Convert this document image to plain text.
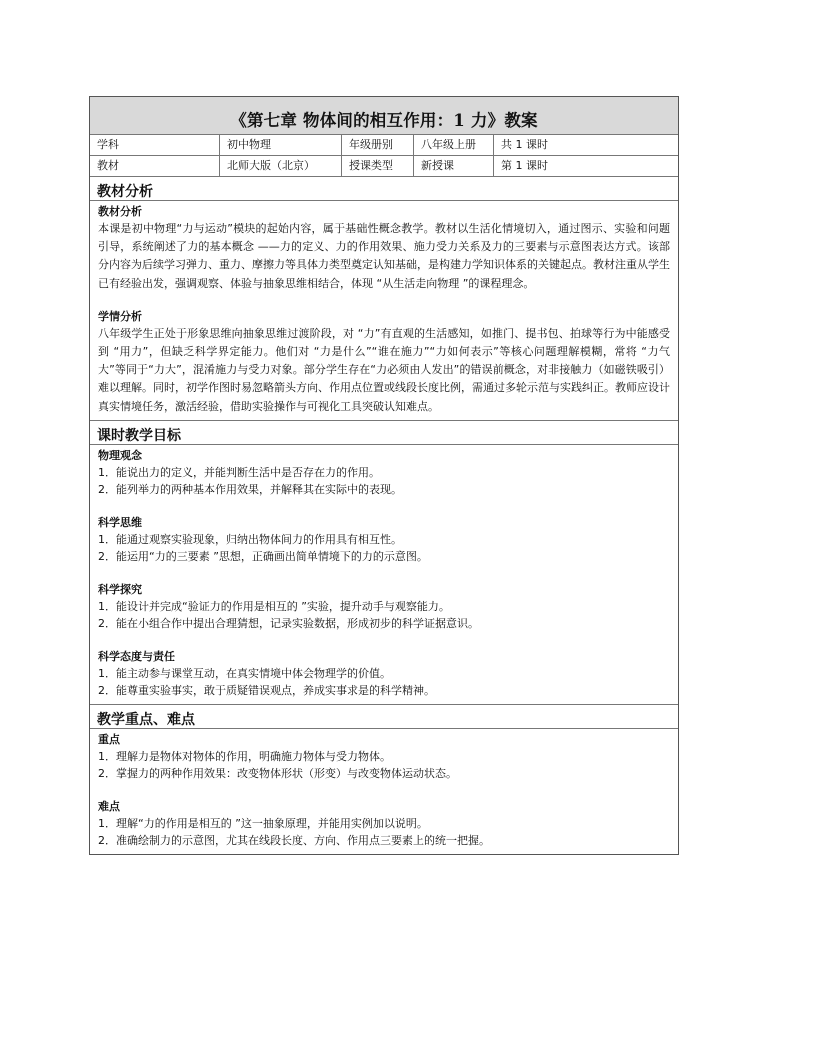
《第七章 物体间的相互作用：1 力》教案
学科	初中物理	年级册别	八年级上册	共 1 课时
教材	北师大版（北京）	授课类型	新授课	第 1 课时
教材分析
教材分析
本课是初中物理“力与运动”模块的起始内容，属于基础性概念教学。教材以生活化情境切入，通过图示、实验和问题引导，系统阐述了力的基本概念 ——力的定义、力的作用效果、施力受力关系及力的三要素与示意图表达方式。该部分内容为后续学习弹力、重力、摩擦力等具体力类型奠定认知基础，是构建力学知识体系的关键起点。教材注重从学生已有经验出发，强调观察、体验与抽象思维相结合，体现 “从生活走向物理 ”的课程理念。
学情分析
八年级学生正处于形象思维向抽象思维过渡阶段，对 “力”有直观的生活感知，如推门、提书包、拍球等行为中能感受到 “用力”，但缺乏科学界定能力。他们对 “力是什么”“谁在施力”“力如何表示”等核心问题理解模糊，常将 “力气大”等同于“力大”，混淆施力与受力对象。部分学生存在“力必须由人发出”的错误前概念，对非接触力（如磁铁吸引）难以理解。同时，初学作图时易忽略箭头方向、作用点位置或线段长度比例，需通过多轮示范与实践纠正。教师应设计真实情境任务，激活经验，借助实验操作与可视化工具突破认知难点。
课时教学目标
物理观念
1．能说出力的定义，并能判断生活中是否存在力的作用。
2．能列举力的两种基本作用效果，并解释其在实际中的表现。
科学思维
1．能通过观察实验现象，归纳出物体间力的作用具有相互性。
2．能运用“力的三要素 ”思想，正确画出简单情境下的力的示意图。
科学探究
1．能设计并完成“验证力的作用是相互的 ”实验，提升动手与观察能力。
2．能在小组合作中提出合理猜想，记录实验数据，形成初步的科学证据意识。
科学态度与责任
1．能主动参与课堂互动，在真实情境中体会物理学的价值。
2．能尊重实验事实，敢于质疑错误观点，养成实事求是的科学精神。
教学重点、难点
重点
1．理解力是物体对物体的作用，明确施力物体与受力物体。
2．掌握力的两种作用效果：改变物体形状（形变）与改变物体运动状态。
难点
1．理解“力的作用是相互的 ”这一抽象原理，并能用实例加以说明。
2．准确绘制力的示意图，尤其在线段长度、方向、作用点三要素上的统一把握。
